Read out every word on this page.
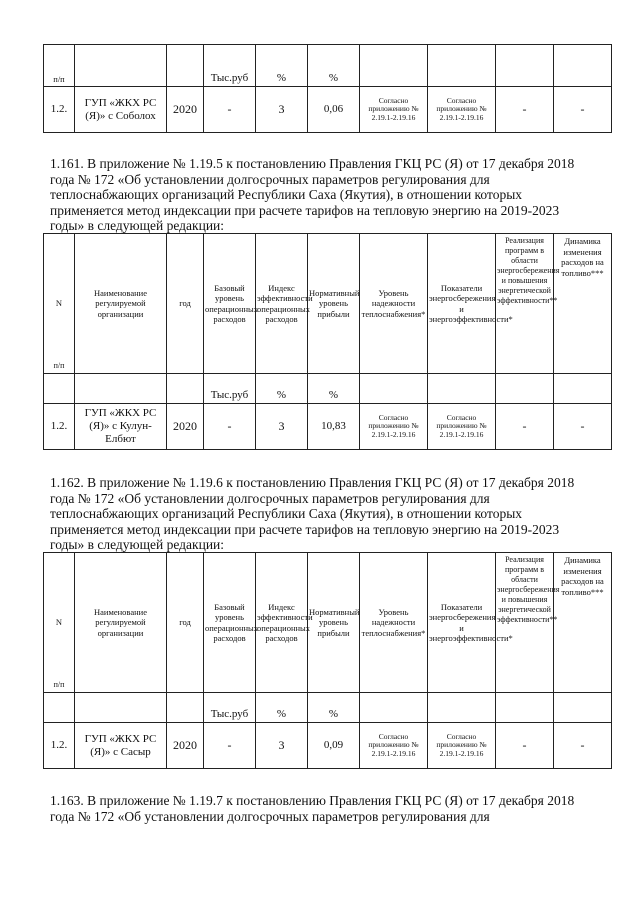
п/п			Тыс.руб	%	%				
1.2.	ГУП «ЖКХ РС (Я)» с Соболох	2020	-	3	0,06	Согласно приложению № 2.19.1-2.19.16	Согласно приложению № 2.19.1-2.19.16	-	-
1.161. В приложение № 1.19.5 к постановлению Правления ГКЦ РС (Я) от 17 декабря 2018
года № 172 «Об установлении долгосрочных параметров регулирования для
теплоснабжающих организаций Республики Саха (Якутия), в отношении которых
применяется метод индексации при расчете тарифов на тепловую энергию на 2019-2023
годы» в следующей редакции:
N
п/п	Наименование регулируемой организации	год	Базовый уровень операционных расходов	Индекс эффективности операционных расходов	Нормативный уровень прибыли	Уровень надежности теплоснабжения*	Показатели энергосбережения и энергоэффективности*	Реализация программ в области энергосбережения и повышения энергетической эффективности**	Динамика изменения расходов на топливо***
			Тыс.руб	%	%				
1.2.	ГУП «ЖКХ РС (Я)» с Кулун-Елбют	2020	-	3	10,83	Согласно приложению № 2.19.1-2.19.16	Согласно приложению № 2.19.1-2.19.16	-	-
1.162. В приложение № 1.19.6 к постановлению Правления ГКЦ РС (Я) от 17 декабря 2018
года № 172 «Об установлении долгосрочных параметров регулирования для
теплоснабжающих организаций Республики Саха (Якутия), в отношении которых
применяется метод индексации при расчете тарифов на тепловую энергию на 2019-2023
годы» в следующей редакции:
N
п/п	Наименование регулируемой организации	год	Базовый уровень операционных расходов	Индекс эффективности операционных расходов	Нормативный уровень прибыли	Уровень надежности теплоснабжения*	Показатели энергосбережения и энергоэффективности*	Реализация программ в области энергосбережения и повышения энергетической эффективности**	Динамика изменения расходов на топливо***
			Тыс.руб	%	%				
1.2.	ГУП «ЖКХ РС (Я)» с Сасыр	2020	-	3	0,09	Согласно приложению № 2.19.1-2.19.16	Согласно приложению № 2.19.1-2.19.16	-	-
1.163. В приложение № 1.19.7 к постановлению Правления ГКЦ РС (Я) от 17 декабря 2018
года № 172 «Об установлении долгосрочных параметров регулирования для
